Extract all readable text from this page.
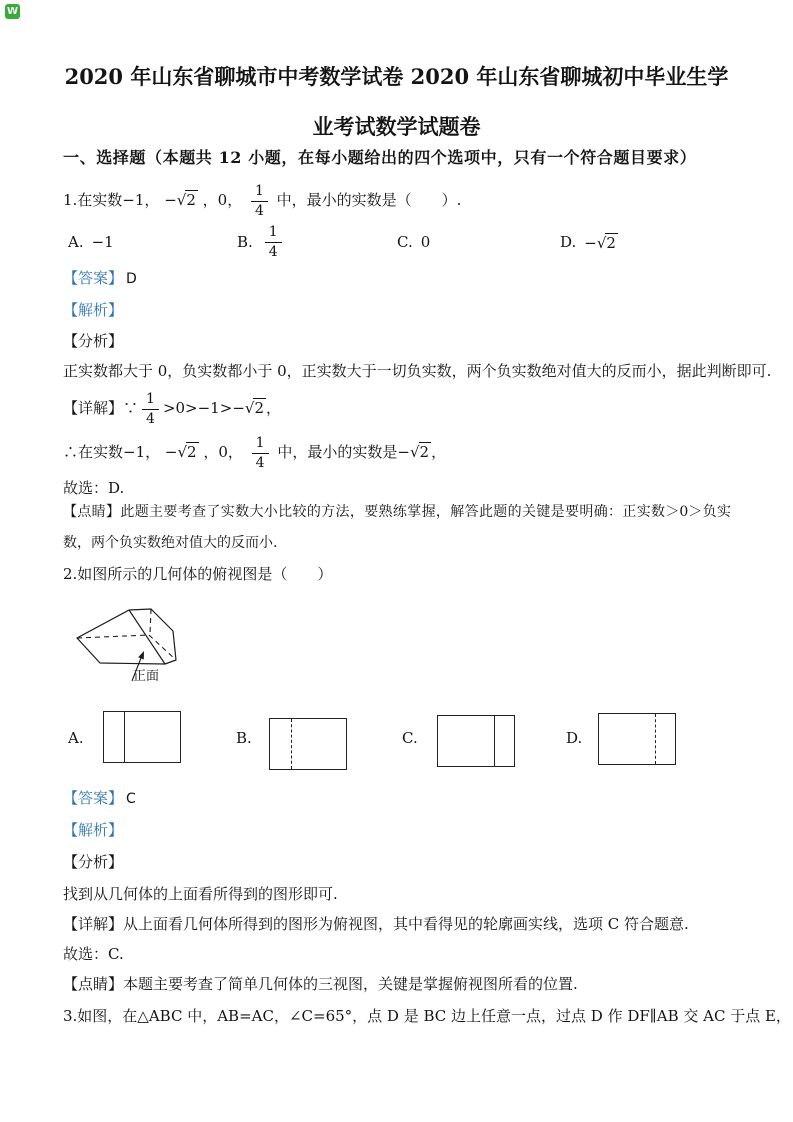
W
2020 年山东省聊城市中考数学试卷 2020 年山东省聊城初中毕业生学
业考试数学试题卷
一、选择题（本题共 12 小题，在每小题给出的四个选项中，只有一个符合题目要求）
1.在实数−1， −√2 ，0， $\frac{1}{4}$ 中，最小的实数是（　　）.
A. −1	B. $\frac{1}{4}$	C. 0	D. −√2
【答案】 D
【解析】
【分析】
正实数都大于 0，负实数都小于 0，正实数大于一切负实数，两个负实数绝对值大的反而小，据此判断即可.
【详解】∵ $\frac{1}{4} >0>-1>-√2$ ，
∴在实数−1， −√2 ，0， $\frac{1}{4}$ 中，最小的实数是−√2 ，
故选：D.
【点睛】此题主要考查了实数大小比较的方法，要熟练掌握，解答此题的关键是要明确：正实数＞0＞负实数，两个负实数绝对值大的反而小.
2.如图所示的几何体的俯视图是（　　）
正面
A.	B.	C.	D.
【答案】 C
【解析】
【分析】
找到从几何体的上面看所得到的图形即可.
【详解】从上面看几何体所得到的图形为俯视图，其中看得见的轮廓画实线，选项 C 符合题意.
故选：C.
【点睛】本题主要考查了简单几何体的三视图，关键是掌握俯视图所看的位置.
3.如图，在△ABC 中，AB=AC，∠C=65°，点 D 是 BC 边上任意一点，过点 D 作 DF∥AB 交 AC 于点 E，
